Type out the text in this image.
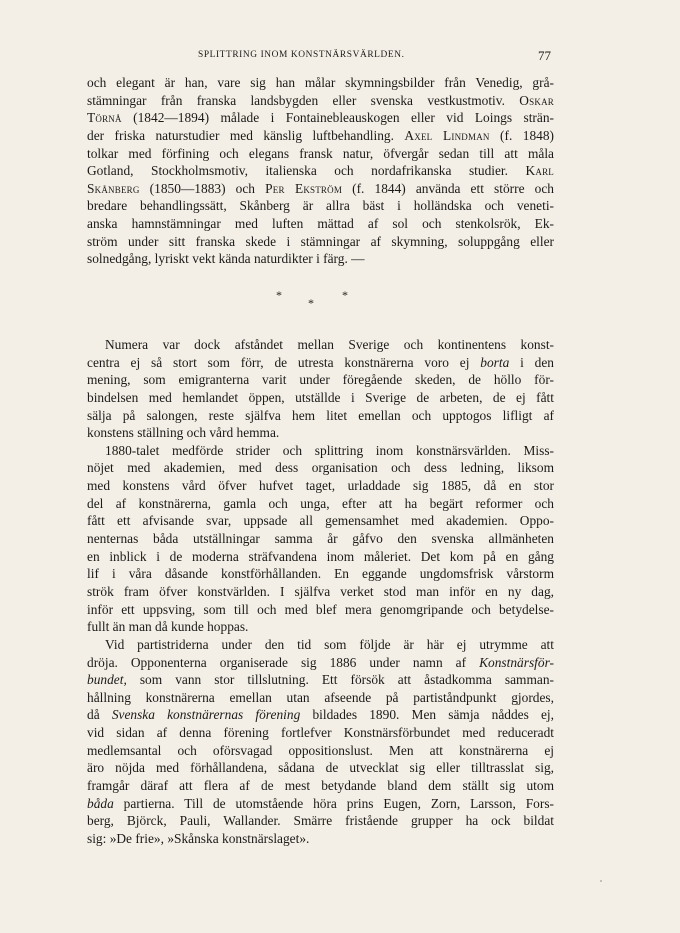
SPLITTRING INOM KONSTNÄRSVÄRLDEN.	77
och elegant är han, vare sig han målar skymningsbilder från Venedig, grå-
stämningar från franska landsbygden eller svenska vestkustmotiv. Oskar
Törnå (1842—1894) målade i Fontainebleauskogen eller vid Loings strän-
der friska naturstudier med känslig luftbehandling. Axel Lindman (f. 1848)
tolkar med förfining och elegans fransk natur, öfvergår sedan till att måla
Gotland, Stockholmsmotiv, italienska och nordafrikanska studier. Karl
Skånberg (1850—1883) och Per Ekström (f. 1844) använda ett större och
bredare behandlingssätt, Skånberg är allra bäst i holländska och veneti-
anska hamnstämningar med luften mättad af sol och stenkolsrök, Ek-
ström under sitt franska skede i stämningar af skymning, soluppgång eller
solnedgång, lyriskt vekt kända naturdikter i färg. —
*	*
*
Numera var dock afståndet mellan Sverige och kontinentens konst-
centra ej så stort som förr, de utresta konstnärerna voro ej borta i den
mening, som emigranterna varit under föregående skeden, de höllo för-
bindelsen med hemlandet öppen, utställde i Sverige de arbeten, de ej fått
sälja på salongen, reste själfva hem litet emellan och upptogos lifligt af
konstens ställning och vård hemma.
1880-talet medförde strider och splittring inom konstnärsvärlden. Miss-
nöjet med akademien, med dess organisation och dess ledning, liksom
med konstens vård öfver hufvet taget, urladdade sig 1885, då en stor
del af konstnärerna, gamla och unga, efter att ha begärt reformer och
fått ett afvisande svar, uppsade all gemensamhet med akademien. Oppo-
nenternas båda utställningar samma år gåfvo den svenska allmänheten
en inblick i de moderna sträfvandena inom måleriet. Det kom på en gång
lif i våra dåsande konstförhållanden. En eggande ungdomsfrisk vårstorm
strök fram öfver konstvärlden. I själfva verket stod man inför en ny dag,
inför ett uppsving, som till och med blef mera genomgripande och betydelse-
fullt än man då kunde hoppas.
Vid partistriderna under den tid som följde är här ej utrymme att
dröja. Opponenterna organiserade sig 1886 under namn af Konstnärsför-
bundet, som vann stor tillslutning. Ett försök att åstadkomma samman-
hållning konstnärerna emellan utan afseende på partiståndpunkt gjordes,
då Svenska konstnärernas förening bildades 1890. Men sämja nåddes ej,
vid sidan af denna förening fortlefver Konstnärsförbundet med reduceradt
medlemsantal och oförsvagad oppositionslust. Men att konstnärerna ej
äro nöjda med förhållandena, sådana de utvecklat sig eller tilltrasslat sig,
framgår däraf att flera af de mest betydande bland dem ställt sig utom
båda partierna. Till de utomstående höra prins Eugen, Zorn, Larsson, Fors-
berg, Björck, Pauli, Wallander. Smärre fristående grupper ha ock bildat
sig: »De frie», »Skånska konstnärslaget».
